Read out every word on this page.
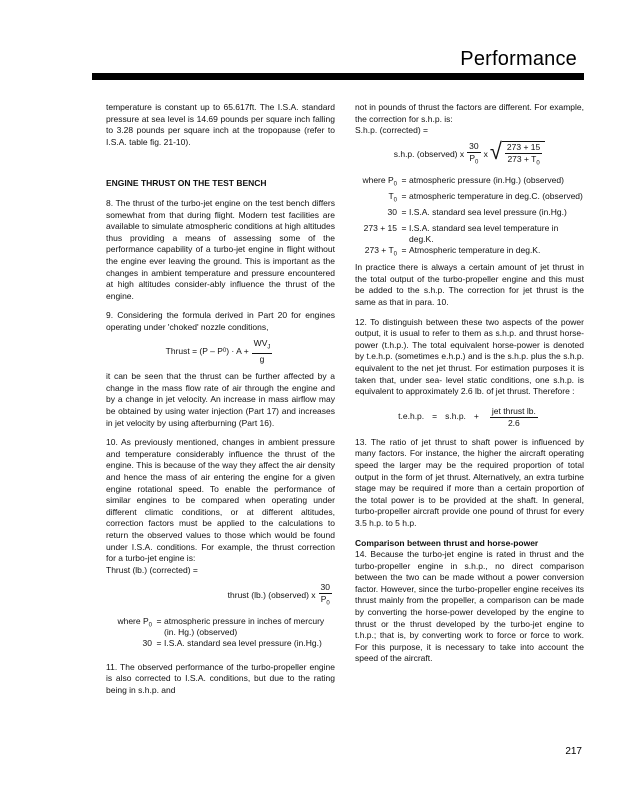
Performance

temperature is constant up to 65.617ft. The I.S.A. standard pressure at sea level is 14.69 pounds per square inch falling to 3.28 pounds per square inch at the tropopause (refer to I.S.A. table fig. 21-10).

ENGINE THRUST ON THE TEST BENCH

8. The thrust of the turbo-jet engine on the test bench differs somewhat from that during flight. Modern test facilities are available to simulate atmospheric conditions at high altitudes thus providing a means of assessing some of the performance capability of a turbo-jet engine in flight without the engine ever leaving the ground. This is important as the changes in ambient temperature and pressure encountered at high altitudes consider-ably influence the thrust of the engine.

9. Considering the formula derived in Part 20 for engines operating under 'choked' nozzle conditions,

Thrust = (P – P 0 ) · $A + \frac{WV_J}{g}$

it can be seen that the thrust can be further affected by a change in the mass flow rate of air through the engine and by a change in jet velocity. An increase in mass airflow may be obtained by using water injection (Part 17) and increases in jet velocity by using afterburning (Part 16).

10. As previously mentioned, changes in ambient pressure and temperature considerably influence the thrust of the engine. This is because of the way they affect the air density and hence the mass of air entering the engine for a given engine rotational speed. To enable the performance of similar engines to be compared when operating under different climatic conditions, or at different altitudes, correction factors must be applied to the calculations to return the observed values to those which would be found under I.S.A. conditions. For example, the thrust correction for a turbo-jet engine is:

Thrust (lb.) (corrected) =

thrust (lb.) (observed) x $\frac{30}{P_0}$
where $P_0$	=	atmospheric pressure in inches of mercury (in. Hg.) (observed)
30	=	I.S.A. standard sea level pressure (in.Hg.)

11. The observed performance of the turbo-propeller engine is also corrected to I.S.A. conditions, but due to the rating being in s.h.p. and

not in pounds of thrust the factors are different. For example, the correction for s.h.p. is:

S.h.p. (corrected) =

s.h.p. (observed) x $\frac{30}{P_0}$ x √ $\frac{273 + 15}{273 + T_0}$
where $P_0$	=	atmospheric pressure (in.Hg.) (observed)
$T_0$	=	atmospheric temperature in deg.C. (observed)
30	=	I.S.A. standard sea level pressure (in.Hg.)
273 + 15	=	I.S.A. standard sea level temperature in deg.K.
$273 + T_0$	=	Atmospheric temperature in deg.K.

In practice there is always a certain amount of jet thrust in the total output of the turbo-propeller engine and this must be added to the s.h.p. The correction for jet thrust is the same as that in para. 10.

12. To distinguish between these two aspects of the power output, it is usual to refer to them as s.h.p. and thrust horse-power (t.h.p.). The total equivalent horse-power is denoted by t.e.h.p. (sometimes e.h.p.) and is the s.h.p. plus the s.h.p. equivalent to the net jet thrust. For estimation purposes it is taken that, under sea- level static conditions, one s.h.p. is equivalent to approximately 2.6 lb. of jet thrust. Therefore :

t.e.h.p. = s.h.p. + $\frac{\text{jet thrust lb.}}{2.6}$

13. The ratio of jet thrust to shaft power is influenced by many factors. For instance, the higher the aircraft operating speed the larger may be the required proportion of total output in the form of jet thrust. Alternatively, an extra turbine stage may be required if more than a certain proportion of the total power is to be provided at the shaft. In general, turbo-propeller aircraft provide one pound of thrust for every 3.5 h.p. to 5 h.p.

Comparison between thrust and horse-power

14. Because the turbo-jet engine is rated in thrust and the turbo-propeller engine in s.h.p., no direct comparison between the two can be made without a power conversion factor. However, since the turbo-propeller engine receives its thrust mainly from the propeller, a comparison can be made by converting the horse-power developed by the engine to thrust or the thrust developed by the turbo-jet engine to t.h.p.; that is, by converting work to force or force to work. For this purpose, it is necessary to take into account the speed of the aircraft.

217
